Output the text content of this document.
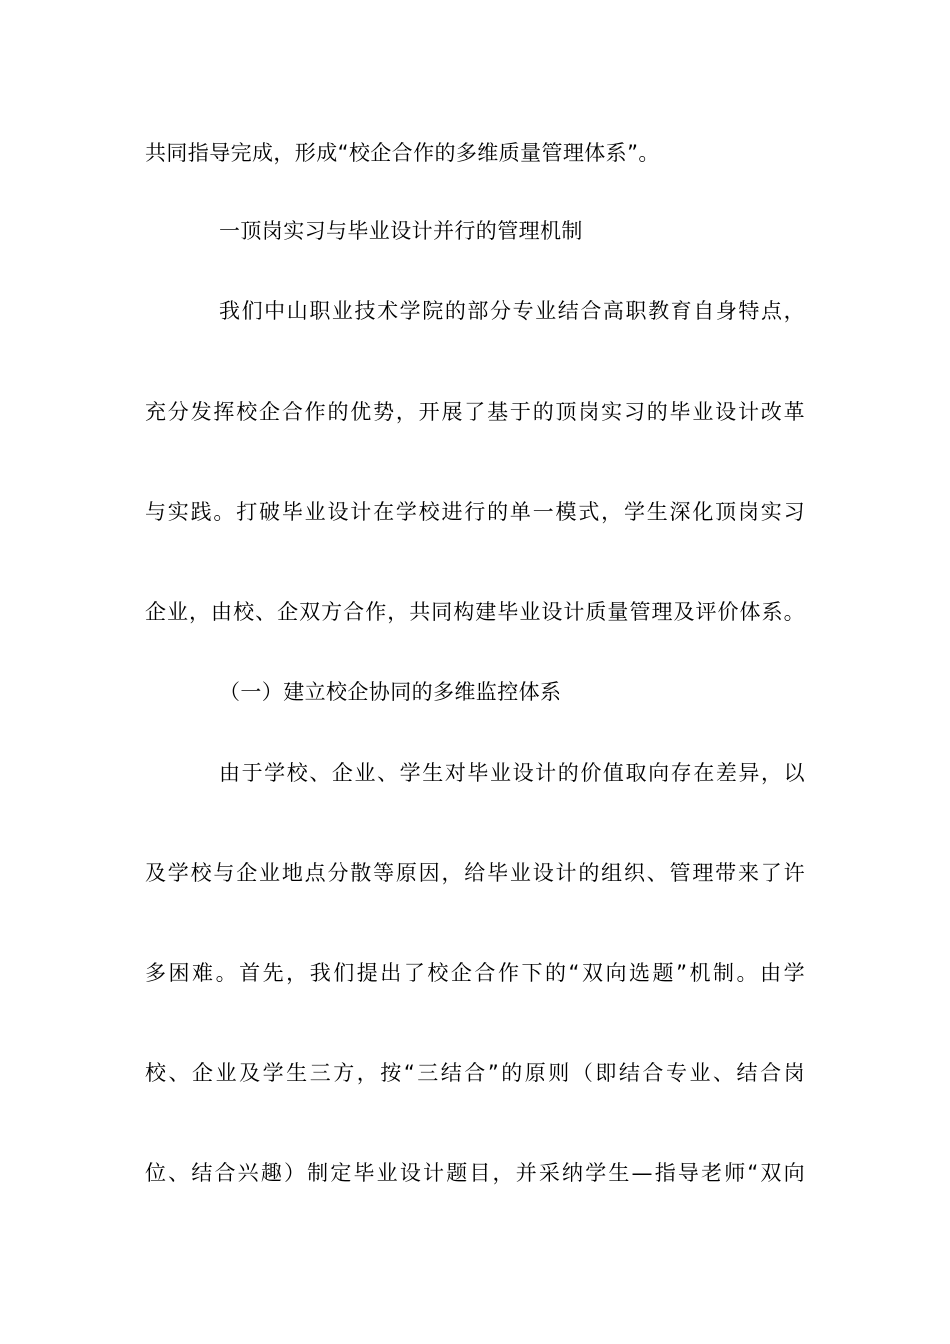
共同指导完成，形成“校企合作的多维质量管理体系”。
一顶岗实习与毕业设计并行的管理机制
我们中山职业技术学院的部分专业结合高职教育自身特点，
充分发挥校企合作的优势，开展了基于的顶岗实习的毕业设计改革
与实践。打破毕业设计在学校进行的单一模式，学生深化顶岗实习
企业，由校、企双方合作，共同构建毕业设计质量管理及评价体系。
（一）建立校企协同的多维监控体系
由于学校、企业、学生对毕业设计的价值取向存在差异，以
及学校与企业地点分散等原因，给毕业设计的组织、管理带来了许
多困难。首先，我们提出了校企合作下的“双向选题”机制。由学
校、企业及学生三方，按“三结合”的原则（即结合专业、结合岗
位、结合兴趣）制定毕业设计题目，并采纳学生—指导老师“双向
